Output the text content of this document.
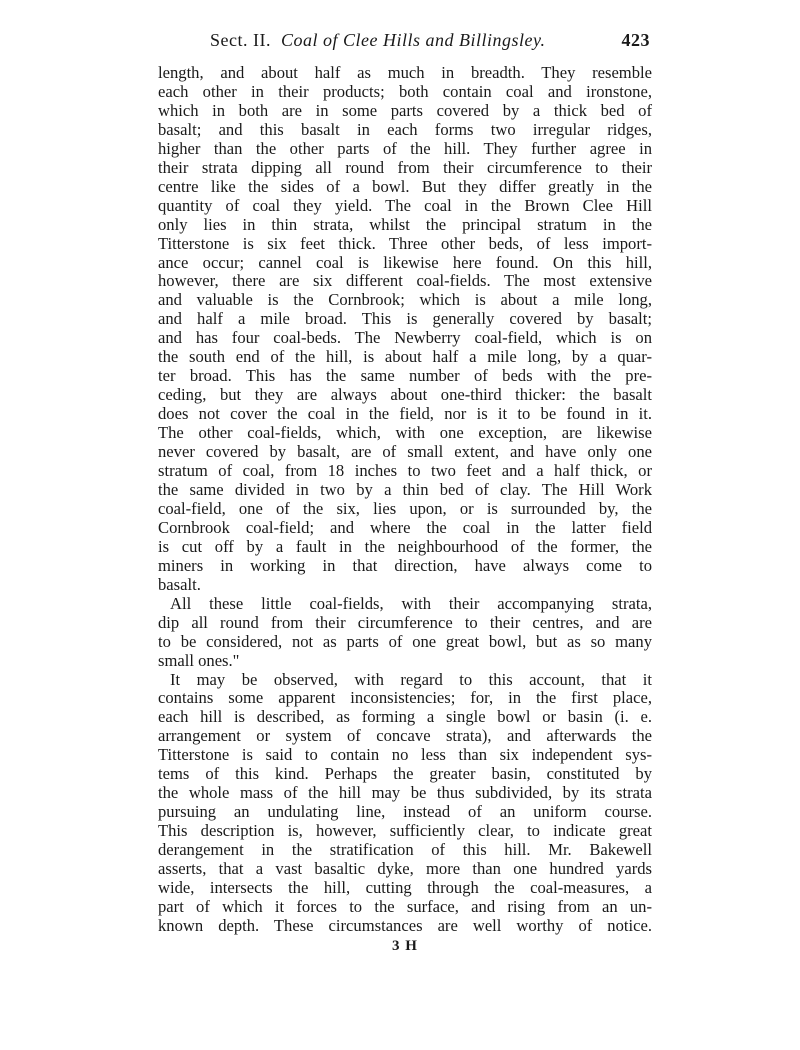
Sect. II. Coal of Clee Hills and Billingsley.	423
length, and about half as much in breadth. They resemble
each other in their products; both contain coal and ironstone,
which in both are in some parts covered by a thick bed of
basalt; and this basalt in each forms two irregular ridges,
higher than the other parts of the hill. They further agree in
their strata dipping all round from their circumference to their
centre like the sides of a bowl. But they differ greatly in the
quantity of coal they yield. The coal in the Brown Clee Hill
only lies in thin strata, whilst the principal stratum in the
Titterstone is six feet thick. Three other beds, of less import-
ance occur; cannel coal is likewise here found. On this hill,
however, there are six different coal-fields. The most extensive
and valuable is the Cornbrook; which is about a mile long,
and half a mile broad. This is generally covered by basalt;
and has four coal-beds. The Newberry coal-field, which is on
the south end of the hill, is about half a mile long, by a quar-
ter broad. This has the same number of beds with the pre-
ceding, but they are always about one-third thicker: the basalt
does not cover the coal in the field, nor is it to be found in it.
The other coal-fields, which, with one exception, are likewise
never covered by basalt, are of small extent, and have only one
stratum of coal, from 18 inches to two feet and a half thick, or
the same divided in two by a thin bed of clay. The Hill Work
coal-field, one of the six, lies upon, or is surrounded by, the
Cornbrook coal-field; and where the coal in the latter field
is cut off by a fault in the neighbourhood of the former, the
miners in working in that direction, have always come to
basalt.
All these little coal-fields, with their accompanying strata,
dip all round from their circumference to their centres, and are
to be considered, not as parts of one great bowl, but as so many
small ones."
It may be observed, with regard to this account, that it
contains some apparent inconsistencies; for, in the first place,
each hill is described, as forming a single bowl or basin (i. e.
arrangement or system of concave strata), and afterwards the
Titterstone is said to contain no less than six independent sys-
tems of this kind. Perhaps the greater basin, constituted by
the whole mass of the hill may be thus subdivided, by its strata
pursuing an undulating line, instead of an uniform course.
This description is, however, sufficiently clear, to indicate great
derangement in the stratification of this hill. Mr. Bakewell
asserts, that a vast basaltic dyke, more than one hundred yards
wide, intersects the hill, cutting through the coal-measures, a
part of which it forces to the surface, and rising from an un-
known depth. These circumstances are well worthy of notice.
3 H
